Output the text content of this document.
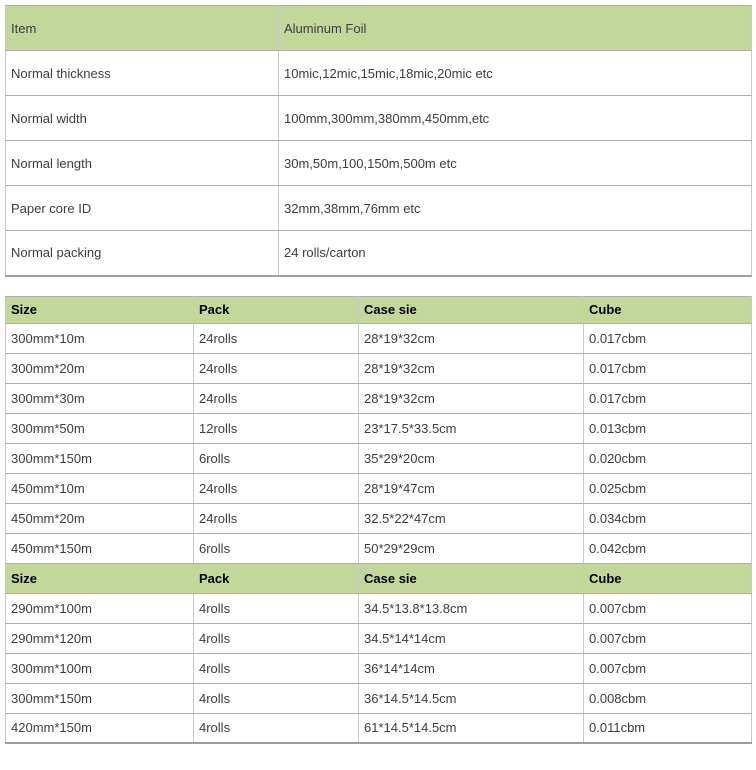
Item	Aluminum Foil
Normal thickness	10mic,12mic,15mic,18mic,20mic etc
Normal width	100mm,300mm,380mm,450mm,etc
Normal length	30m,50m,100,150m,500m etc
Paper core ID	32mm,38mm,76mm etc
Normal packing	24 rolls/carton
Size	Pack	Case sie	Cube
300mm*10m	24rolls	28*19*32cm	0.017cbm
300mm*20m	24rolls	28*19*32cm	0.017cbm
300mm*30m	24rolls	28*19*32cm	0.017cbm
300mm*50m	12rolls	23*17.5*33.5cm	0.013cbm
300mm*150m	6rolls	35*29*20cm	0.020cbm
450mm*10m	24rolls	28*19*47cm	0.025cbm
450mm*20m	24rolls	32.5*22*47cm	0.034cbm
450mm*150m	6rolls	50*29*29cm	0.042cbm
Size	Pack	Case sie	Cube
290mm*100m	4rolls	34.5*13.8*13.8cm	0.007cbm
290mm*120m	4rolls	34.5*14*14cm	0.007cbm
300mm*100m	4rolls	36*14*14cm	0.007cbm
300mm*150m	4rolls	36*14.5*14.5cm	0.008cbm
420mm*150m	4rolls	61*14.5*14.5cm	0.011cbm
